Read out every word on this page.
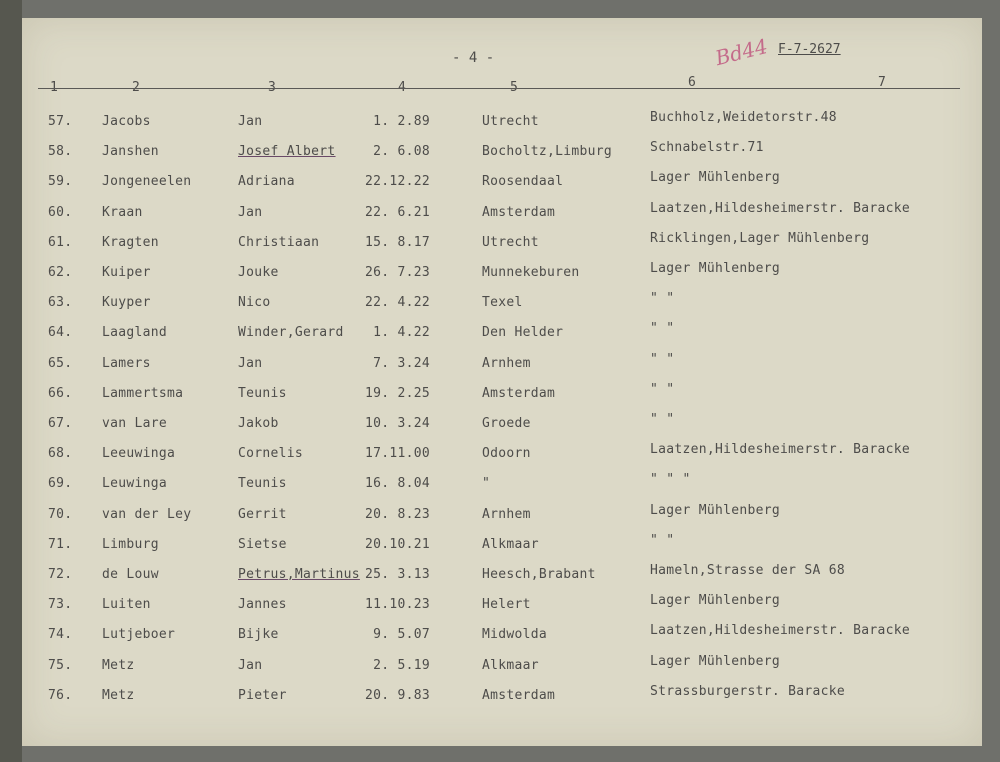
- 4 -	Bd44 F-7-2627
1	2	3	4	5	6	7
57. Jacobs	Jan	1. 2.89	Utrecht	Buchholz,Weidetorstr.48
58. Janshen	Josef Albert	2. 6.08	Bocholtz,Limburg	Schnabelstr.71
59. Jongeneelen	Adriana	22.12.22	Roosendaal	Lager Mühlenberg
60. Kraan	Jan	22. 6.21	Amsterdam	Laatzen,Hildesheimerstr. Baracke
61. Kragten	Christiaan	15. 8.17	Utrecht	Ricklingen,Lager Mühlenberg
62. Kuiper	Jouke	26. 7.23	Munnekeburen	Lager Mühlenberg
63. Kuyper	Nico	22. 4.22	Texel	" "
64. Laagland	Winder,Gerard	1. 4.22	Den Helder	" "
65. Lamers	Jan	7. 3.24	Arnhem	" "
66. Lammertsma	Teunis	19. 2.25	Amsterdam	" "
67. van Lare	Jakob	10. 3.24	Groede	" "
68. Leeuwinga	Cornelis	17.11.00	Odoorn	Laatzen,Hildesheimerstr. Baracke
69. Leuwinga	Teunis	16. 8.04	"	" " "
70. van der Ley	Gerrit	20. 8.23	Arnhem	Lager Mühlenberg
71. Limburg	Sietse	20.10.21	Alkmaar	" "
72. de Louw	Petrus,Martinus 25. 3.13	Heesch,Brabant	Hameln,Strasse der SA 68
73. Luiten	Jannes	11.10.23	Helert	Lager Mühlenberg
74. Lutjeboer	Bijke	9. 5.07	Midwolda	Laatzen,Hildesheimerstr. Baracke
75. Metz	Jan	2. 5.19	Alkmaar	Lager Mühlenberg
76. Metz	Pieter	20. 9.83	Amsterdam	Strassburgerstr. Baracke
